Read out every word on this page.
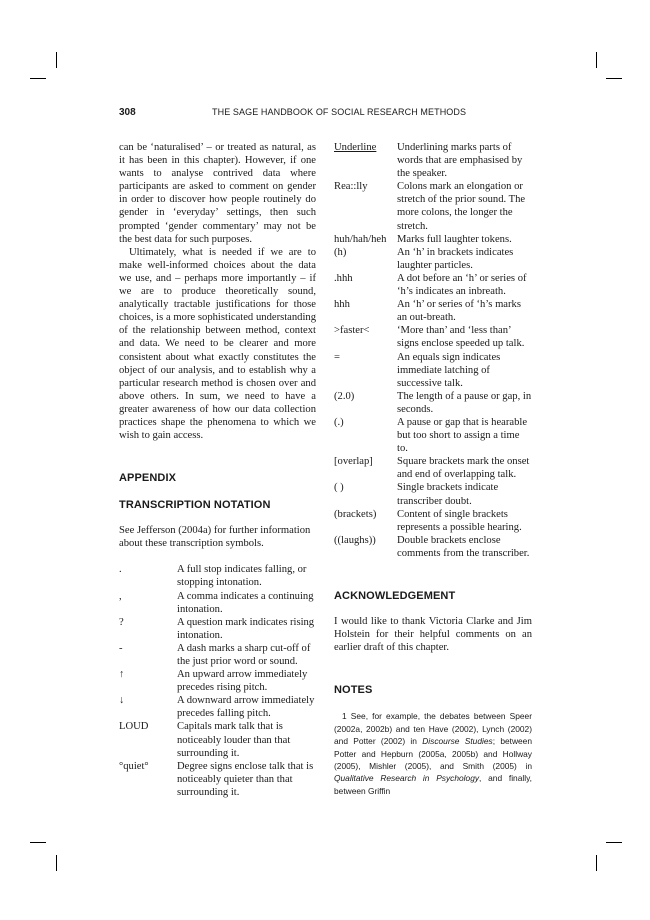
308	THE SAGE HANDBOOK OF SOCIAL RESEARCH METHODS

can be ‘naturalised’ – or treated as natural, as it has been in this chapter). However, if one wants to analyse contrived data where participants are asked to comment on gender in order to discover how people routinely do gender in ‘everyday’ settings, then such prompted ‘gender commentary’ may not be the best data for such purposes.

Ultimately, what is needed if we are to make well-informed choices about the data we use, and – perhaps more importantly – if we are to produce theoretically sound, analytically tractable justifications for those choices, is a more sophisticated understanding of the relationship between method, context and data. We need to be clearer and more consistent about what exactly constitutes the object of our analysis, and to establish why a particular research method is chosen over and above others. In sum, we need to have a greater awareness of how our data collection practices shape the phenomena to which we wish to gain access.

APPENDIX
TRANSCRIPTION NOTATION

See Jefferson (2004a) for further information about these transcription symbols.

.	A full stop indicates falling, or stopping intonation.
,	A comma indicates a continuing intonation.
?	A question mark indicates rising intonation.
-	A dash marks a sharp cut-off of the just prior word or sound.
↑	An upward arrow immediately precedes rising pitch.
↓	A downward arrow immediately precedes falling pitch.
LOUD	Capitals mark talk that is noticeably louder than that surrounding it.
°quiet°	Degree signs enclose talk that is noticeably quieter than that surrounding it.
Underline	Underlining marks parts of words that are emphasised by the speaker.
Rea::lly	Colons mark an elongation or stretch of the prior sound. The more colons, the longer the stretch.
huh/hah/heh	Marks full laughter tokens.
(h)	An ‘h’ in brackets indicates laughter particles.
.hhh	A dot before an ‘h’ or series of ‘h’s indicates an inbreath.
hhh	An ‘h’ or series of ‘h’s marks an out-breath.
>faster<	‘More than’ and ‘less than’ signs enclose speeded up talk.
=	An equals sign indicates immediate latching of successive talk.
(2.0)	The length of a pause or gap, in seconds.
(.)	A pause or gap that is hearable but too short to assign a time to.
[overlap]	Square brackets mark the onset and end of overlapping talk.
( )	Single brackets indicate transcriber doubt.
(brackets)	Content of single brackets represents a possible hearing.
((laughs))	Double brackets enclose comments from the transcriber.
ACKNOWLEDGEMENT

I would like to thank Victoria Clarke and Jim Holstein for their helpful comments on an earlier draft of this chapter.

NOTES

1 See, for example, the debates between Speer (2002a, 2002b) and ten Have (2002), Lynch (2002) and Potter (2002) in Discourse Studies; between Potter and Hepburn (2005a, 2005b) and Hollway (2005), Mishler (2005), and Smith (2005) in Qualitative Research in Psychology, and finally, between Griffin
